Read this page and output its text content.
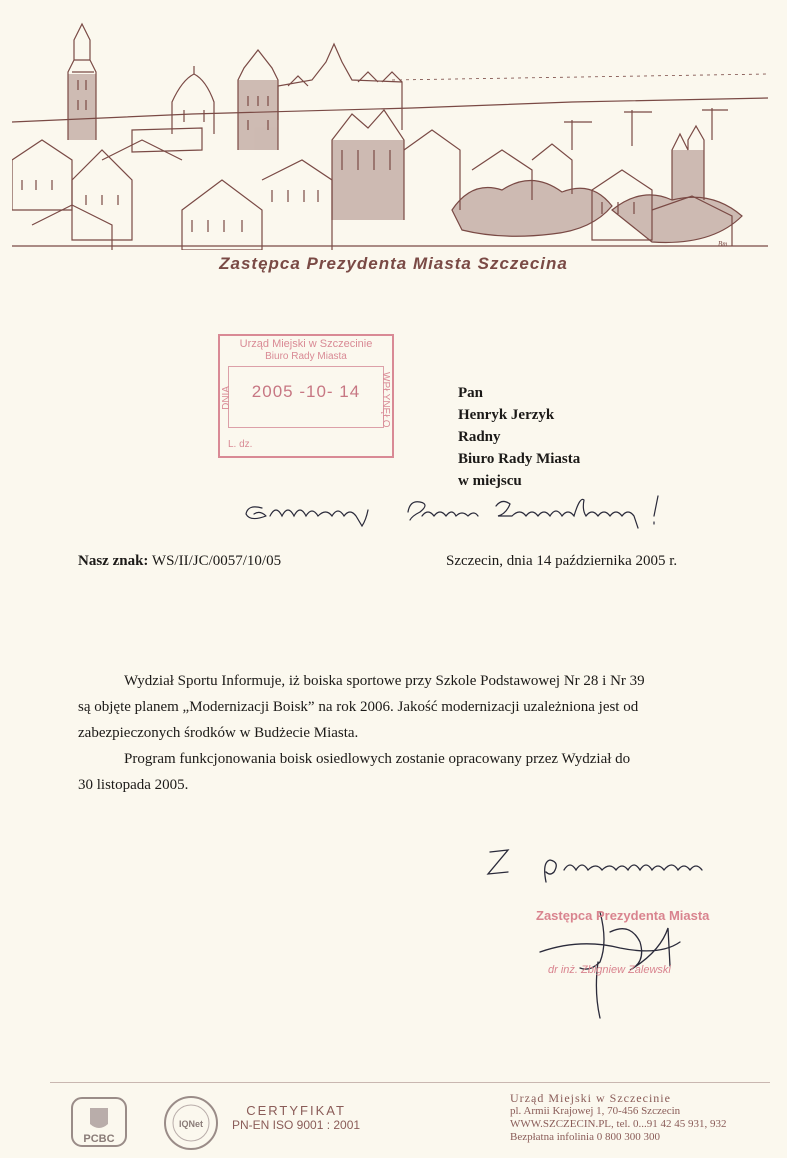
Bm
Zastępca Prezydenta Miasta Szczecina
Urząd Miejski w Szczecinie
Biuro Rady Miasta
2005 -10- 14
DNIA	WPŁYNĘŁO
L. dz.
Pan
Henryk Jerzyk
Radny
Biuro Rady Miasta
w miejscu
Nasz znak: WS/II/JC/0057/10/05	Szczecin, dnia 14 października 2005 r.

Wydział Sportu Informuje, iż boiska sportowe przy Szkole Podstawowej Nr 28 i Nr 39

są objęte planem „Modernizacji Boisk” na rok 2006. Jakość modernizacji uzależniona jest od
zabezpieczonych środków w Budżecie Miasta.

Program funkcjonowania boisk osiedlowych zostanie opracowany przez Wydział do

30 listopada 2005.
Zastępca Prezydenta Miasta
dr inż. Zbigniew Zalewski
PCBC
IQNet
CERTYFIKAT
PN-EN ISO 9001 : 2001
Urząd Miejski w Szczecinie
pl. Armii Krajowej 1, 70-456 Szczecin
WWW.SZCZECIN.PL, tel. 0...91 42 45 931, 932
Bezpłatna infolinia 0 800 300 300
